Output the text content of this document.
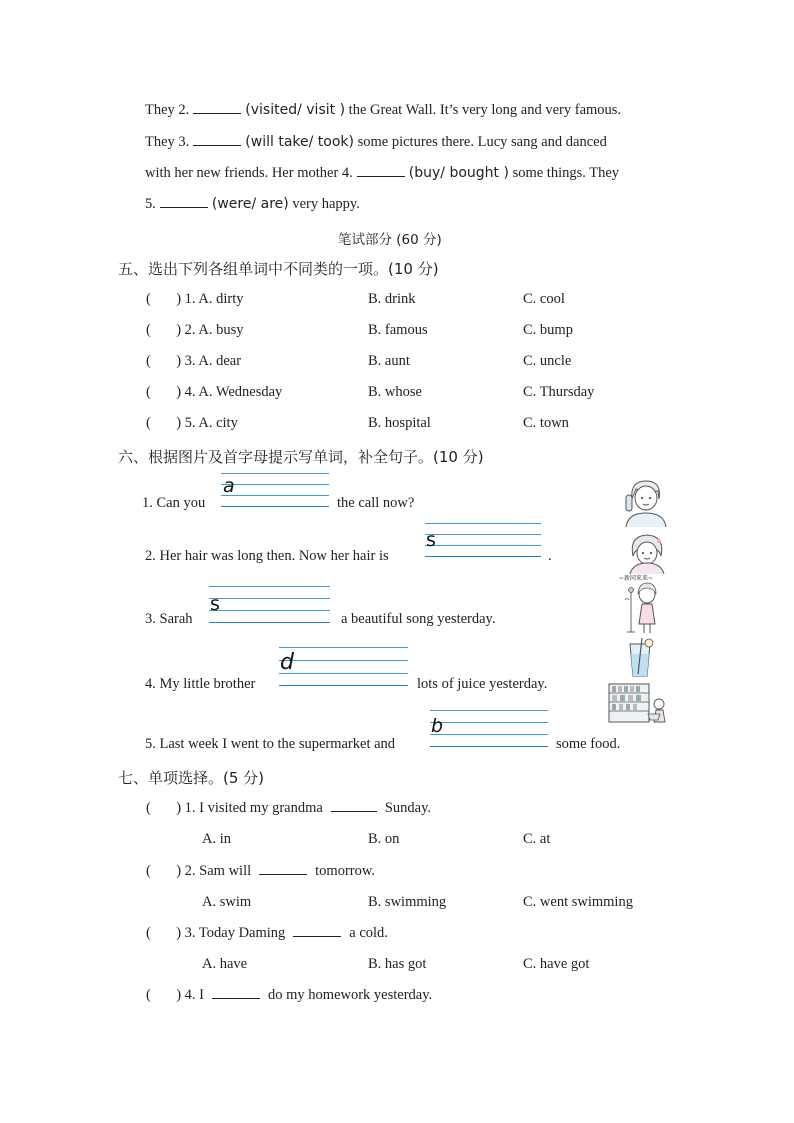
They 2.	(visited/ visit ) the Great Wall. It’s very long and very famous.
They 3.	(will take/ took) some pictures there. Lucy sang and danced
with her new friends. Her mother 4.	(buy/ bought ) some things. They
5.	(were/ are) very happy.
笔试部分 (60 分)
五、选出下列各组单词中不同类的一项。(10 分)
(       ) 1. A. dirty	B. drink	C. cool
(       ) 2. A. busy	B. famous	C. bump
(       ) 3. A. dear	B. aunt	C. uncle
(       ) 4. A. Wednesday	B. whose	C. Thursday
(       ) 5. A. city	B. hospital	C. town
六、根据图片及首字母提示写单词，补全句子。(10 分)
1. Can you
a
the call now?
2. Her hair was long then. Now her hair is
s
.
3. Sarah
s
a beautiful song yesterday.
4. My little brother
d
lots of juice yesterday.
5. Last week I went to the supermarket and
b
some food.
~新同来来~
七、单项选择。(5 分)
(       ) 1. I visited my grandma	Sunday.
A. in	B. on	C. at
(       ) 2. Sam will	tomorrow.
A. swim	B. swimming	C. went swimming
(       ) 3. Today Daming	a cold.
A. have	B. has got	C. have got
(       ) 4. I	do my homework yesterday.
